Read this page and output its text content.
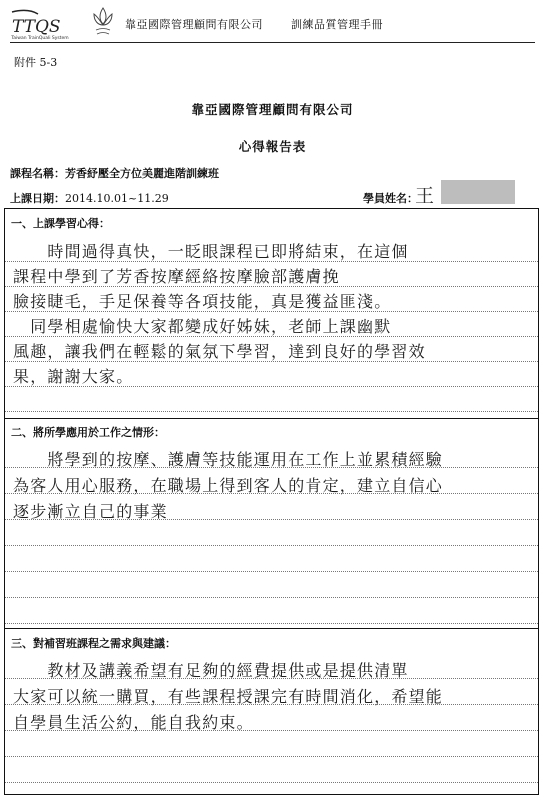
TTQS
Taiwan TrainQuali System
靠亞國際管理顧問有限公司	訓練品質管理手冊
附件 5-3
靠亞國際管理顧問有限公司
心得報告表
課程名稱：芳香紓壓全方位美麗進階訓練班
上課日期：2014.10.01~11.29	學員姓名：
王
一、上課學習心得：
　　時間過得真快，一眨眼課程已即將結束，在這個
課程中學到了芳香按摩經絡按摩臉部護膚挽
臉接睫毛，手足保養等各項技能，真是獲益匪淺。
　同學相處愉快大家都變成好姊妹，老師上課幽默
風趣，讓我們在輕鬆的氣氛下學習，達到良好的學習效
果，謝謝大家。
二、將所學應用於工作之情形：
　　將學到的按摩、護膚等技能運用在工作上並累積經驗
為客人用心服務，在職場上得到客人的肯定，建立自信心
逐步漸立自己的事業
三、對補習班課程之需求與建議：
　　教材及講義希望有足夠的經費提供或是提供清單
大家可以統一購買，有些課程授課完有時間消化，希望能
自學員生活公約，能自我約束。
